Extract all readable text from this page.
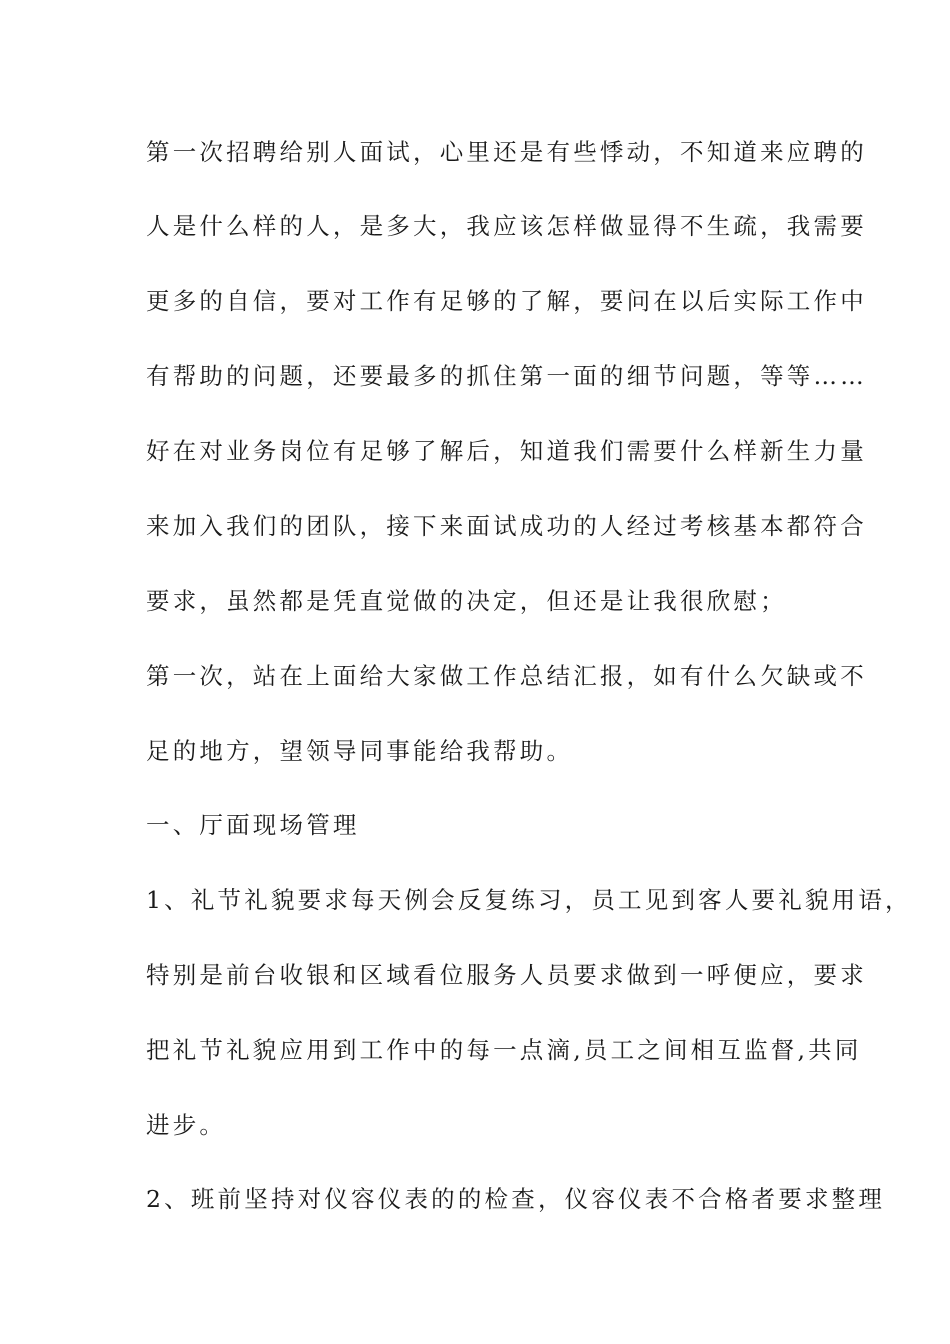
第一次招聘给别人面试，心里还是有些悸动，不知道来应聘的
人是什么样的人，是多大，我应该怎样做显得不生疏，我需要
更多的自信，要对工作有足够的了解，要问在以后实际工作中
有帮助的问题，还要最多的抓住第一面的细节问题，等等……
好在对业务岗位有足够了解后，知道我们需要什么样新生力量
来加入我们的团队，接下来面试成功的人经过考核基本都符合
要求，虽然都是凭直觉做的决定，但还是让我很欣慰；
第一次，站在上面给大家做工作总结汇报，如有什么欠缺或不
足的地方，望领导同事能给我帮助。
一、厅面现场管理
1、礼节礼貌要求每天例会反复练习，员工见到客人要礼貌用语，
特别是前台收银和区域看位服务人员要求做到一呼便应，要求
把礼节礼貌应用到工作中的每一点滴,员工之间相互监督,共同
进步。
2、班前坚持对仪容仪表的的检查，仪容仪表不合格者要求整理
